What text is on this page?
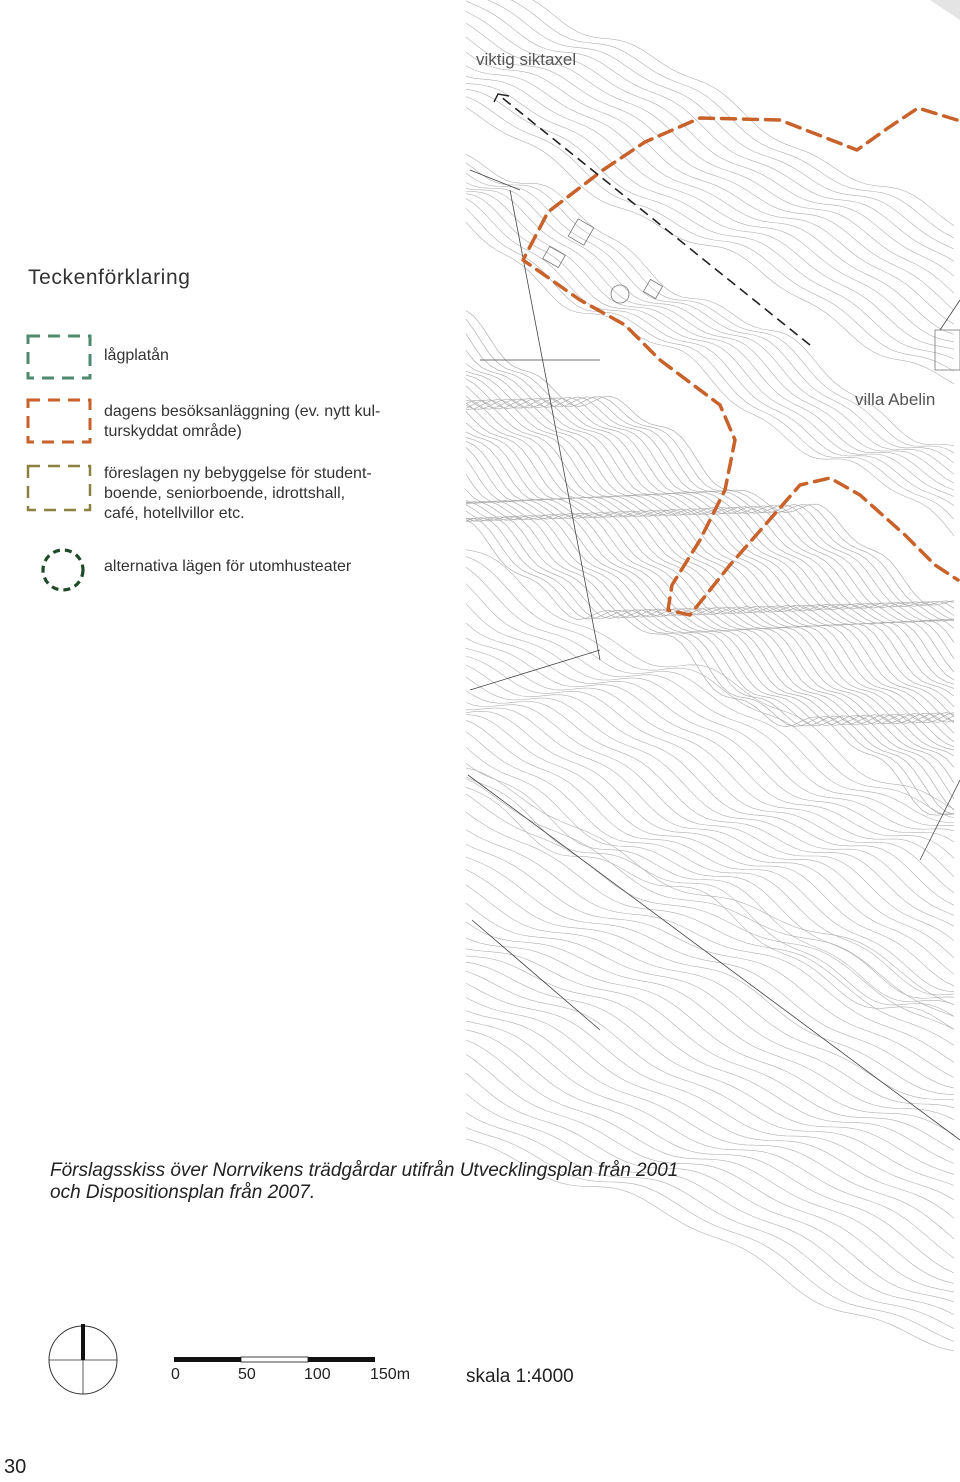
Teckenförklaring
lågplatån
dagens besöksanläggning (ev. nytt kul-
turskyddat område)
föreslagen ny bebyggelse för student-
boende, seniorboende, idrottshall,
café, hotellvillor etc.
alternativa lägen för utomhusteater
viktig siktaxel
villa Abelin
Förslagsskiss över Norrvikens trädgårdar utifrån Utvecklingsplan från 2001
och Dispositionsplan från 2007.
0	50	100 150m	skala 1:4000
30
